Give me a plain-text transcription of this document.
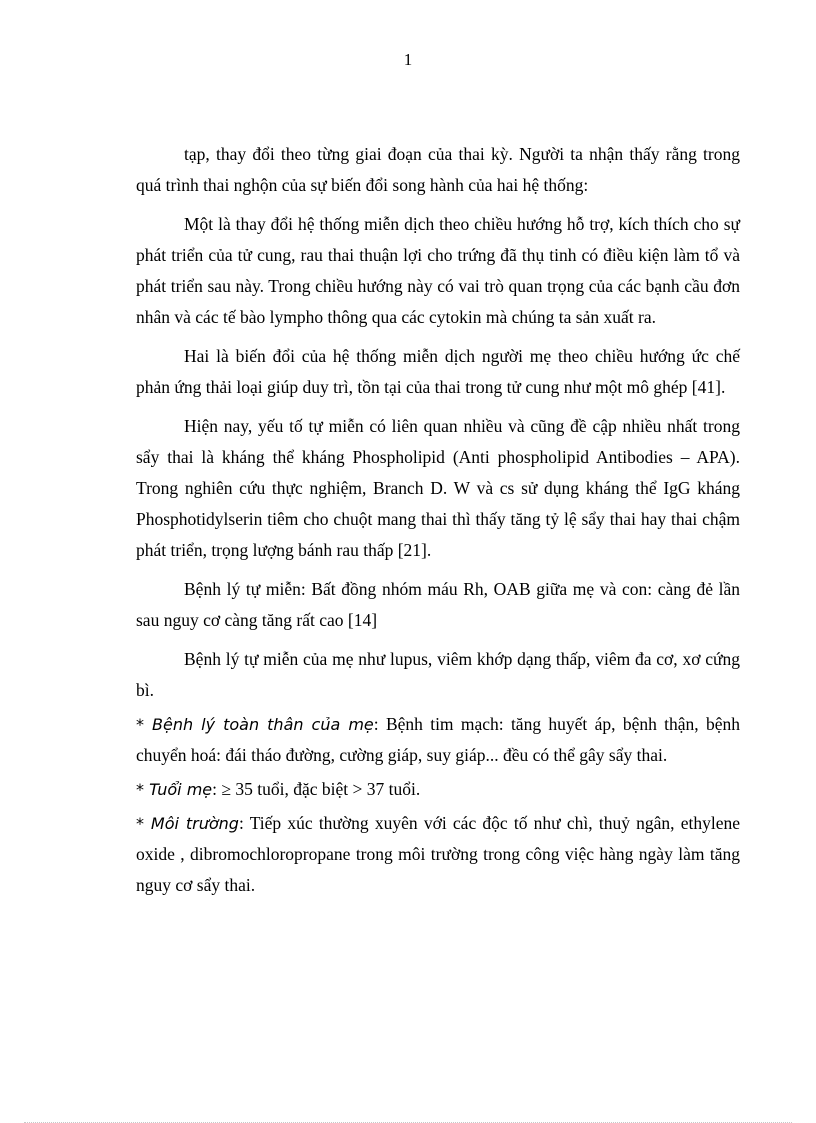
1

tạp, thay đổi theo từng giai đoạn của thai kỳ. Người ta nhận thấy rằng trong quá trình thai nghộn của sự biến đổi song hành của hai hệ thống:

Một là thay đổi hệ thống miễn dịch theo chiều hướng hỗ trợ, kích thích cho sự phát triển của tử cung, rau thai thuận lợi cho trứng đã thụ tinh có điều kiện làm tổ và phát triển sau này. Trong chiều hướng này có vai trò quan trọng của các bạnh cầu đơn nhân và các tế bào lympho thông qua các cytokin mà chúng ta sản xuất ra.

Hai là biến đổi của hệ thống miễn dịch người mẹ theo chiều hướng ức chế phản ứng thải loại giúp duy trì, tồn tại của thai trong tử cung như một mô ghép [41].

Hiện nay, yếu tố tự miễn có liên quan nhiều và cũng đề cập nhiều nhất trong sẩy thai là kháng thể kháng Phospholipid (Anti phospholipid Antibodies – APA). Trong nghiên cứu thực nghiệm, Branch D. W và cs sử dụng kháng thể IgG kháng Phosphotidylserin tiêm cho chuột mang thai thì thấy tăng tỷ lệ sẩy thai hay thai chậm phát triển, trọng lượng bánh rau thấp [21].

Bệnh lý tự miễn: Bất đồng nhóm máu Rh, OAB giữa mẹ và con: càng đẻ lần sau nguy cơ càng tăng rất cao [14]

Bệnh lý tự miễn của mẹ như lupus, viêm khớp dạng thấp, viêm đa cơ, xơ cứng bì.

* Bệnh lý toàn thân của mẹ: Bệnh tim mạch: tăng huyết áp, bệnh thận, bệnh chuyển hoá: đái tháo đường, cường giáp, suy giáp... đều có thể gây sẩy thai.

* Tuổi mẹ: ≥ 35 tuổi, đặc biệt > 37 tuổi.

* Môi trường: Tiếp xúc thường xuyên với các độc tố như chì, thuỷ ngân, ethylene oxide , dibromochloropropane trong môi trường trong công việc hàng ngày làm tăng nguy cơ sẩy thai.
